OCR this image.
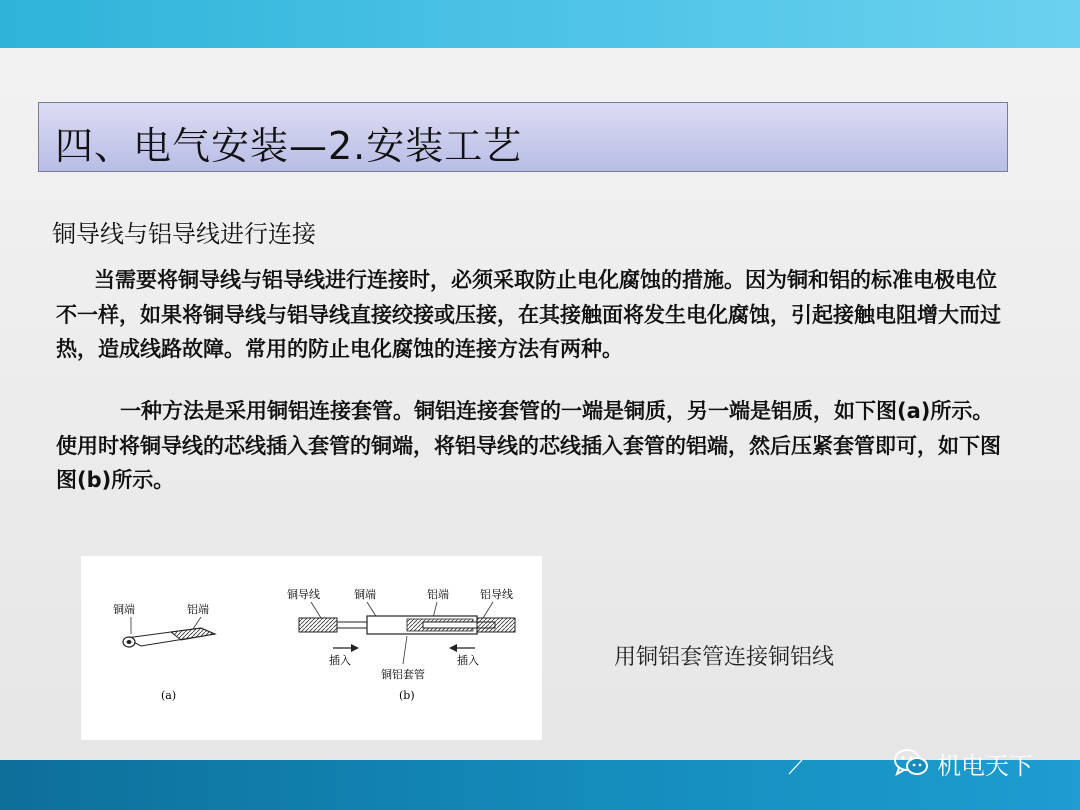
四、电气安装—2.安装工艺
铜导线与铝导线进行连接
当需要将铜导线与铝导线进行连接时，必须采取防止电化腐蚀的措施。因为铜和铝的标准电极电位不一样，如果将铜导线与铝导线直接绞接或压接，在其接触面将发生电化腐蚀，引起接触电阻增大而过热，造成线路故障。常用的防止电化腐蚀的连接方法有两种。
一种方法是采用铜铝连接套管。铜铝连接套管的一端是铜质，另一端是铝质，如下图(a)所示。使用时将铜导线的芯线插入套管的铜端，将铝导线的芯线插入套管的铝端，然后压紧套管即可，如下图图(b)所示。
铜端	铝端
(a)
铜导线	铜端	铝端	铝导线
插入	插入
铜铝套管
(b)
用铜铝套管连接铜铝线
机电天下
